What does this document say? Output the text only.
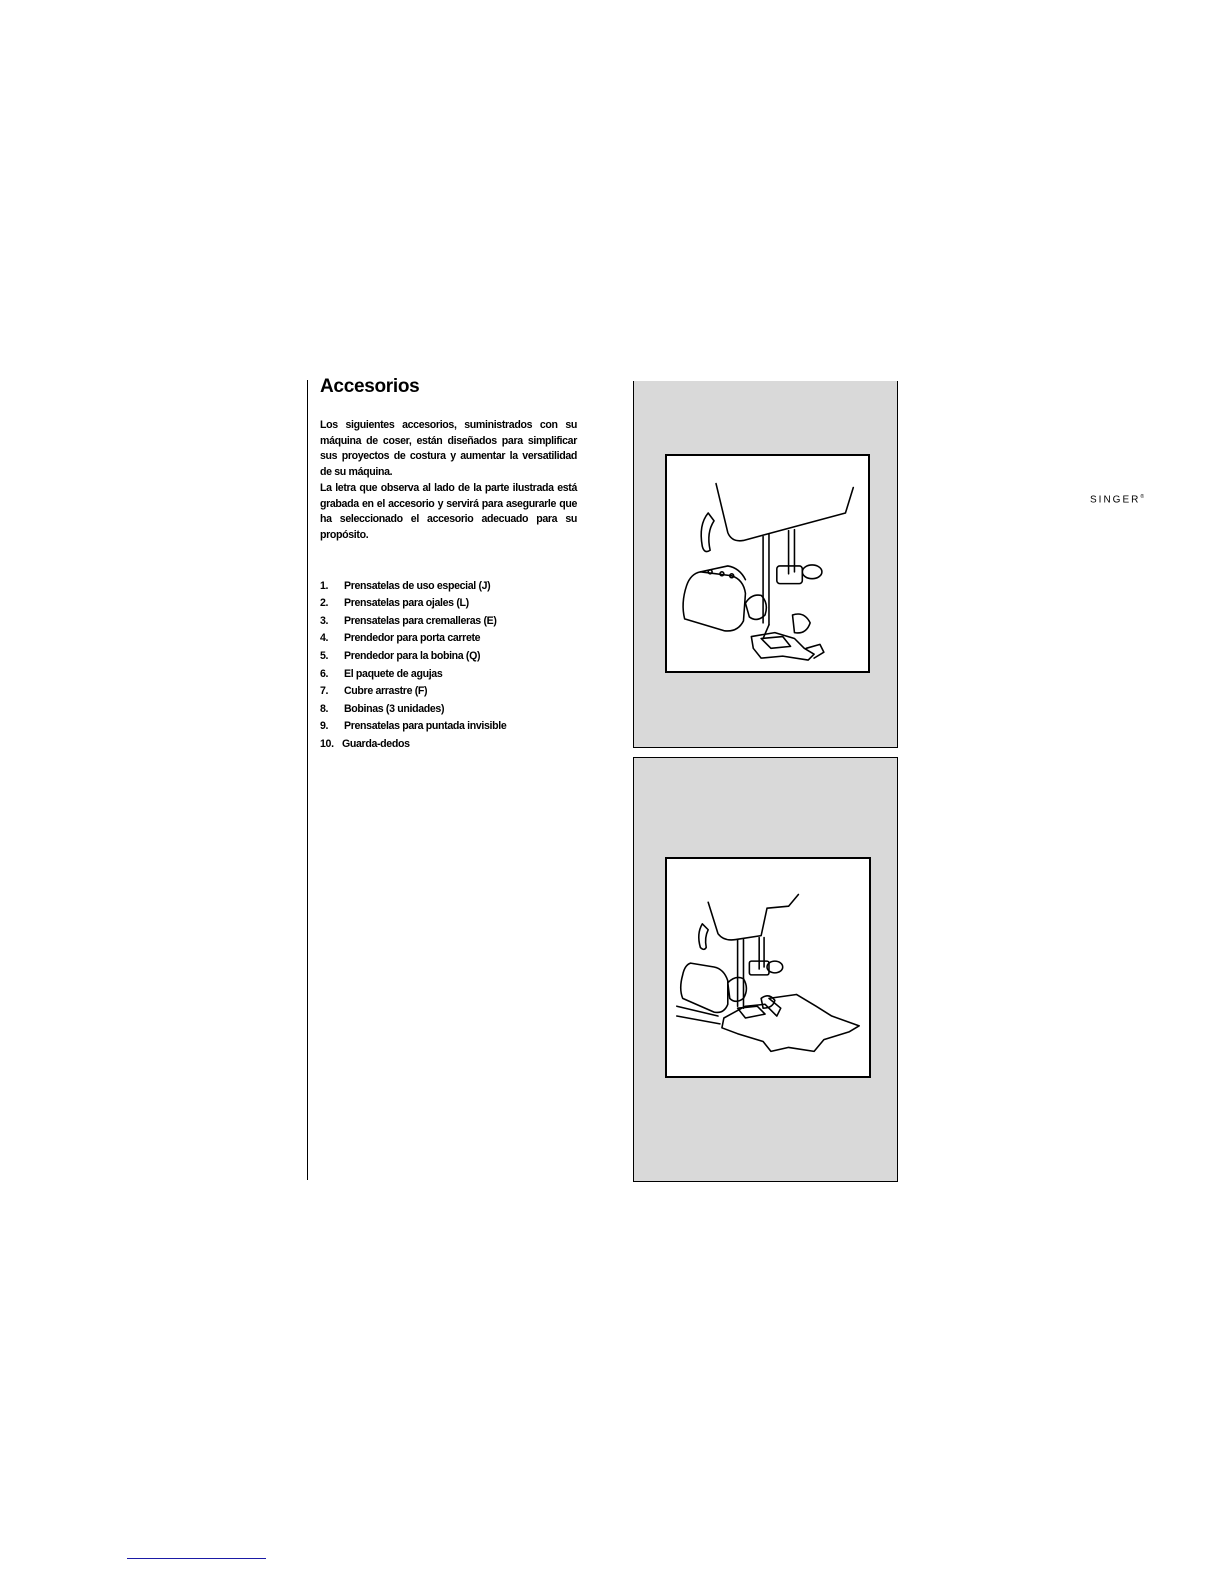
Accesorios

Los siguientes accesorios, suministrados con su máquina de coser, están diseñados para simplificar sus proyectos de costura y aumentar la versatilidad de su máquina.

La letra que observa al lado de la parte ilustrada está grabada en el accesorio y servirá para asegurarle que ha seleccionado el accesorio adecuado para su propósito.

1.	Prensatelas de uso especial (J)
2.	Prensatelas para ojales (L)
3.	Prensatelas para cremalleras (E)
4.	Prendedor para porta carrete
5.	Prendedor para la bobina (Q)
6.	El paquete de agujas
7.	Cubre arrastre (F)
8.	Bobinas (3 unidades)
9.	Prensatelas para puntada invisible
10. Guarda-dedos
SINGER®
